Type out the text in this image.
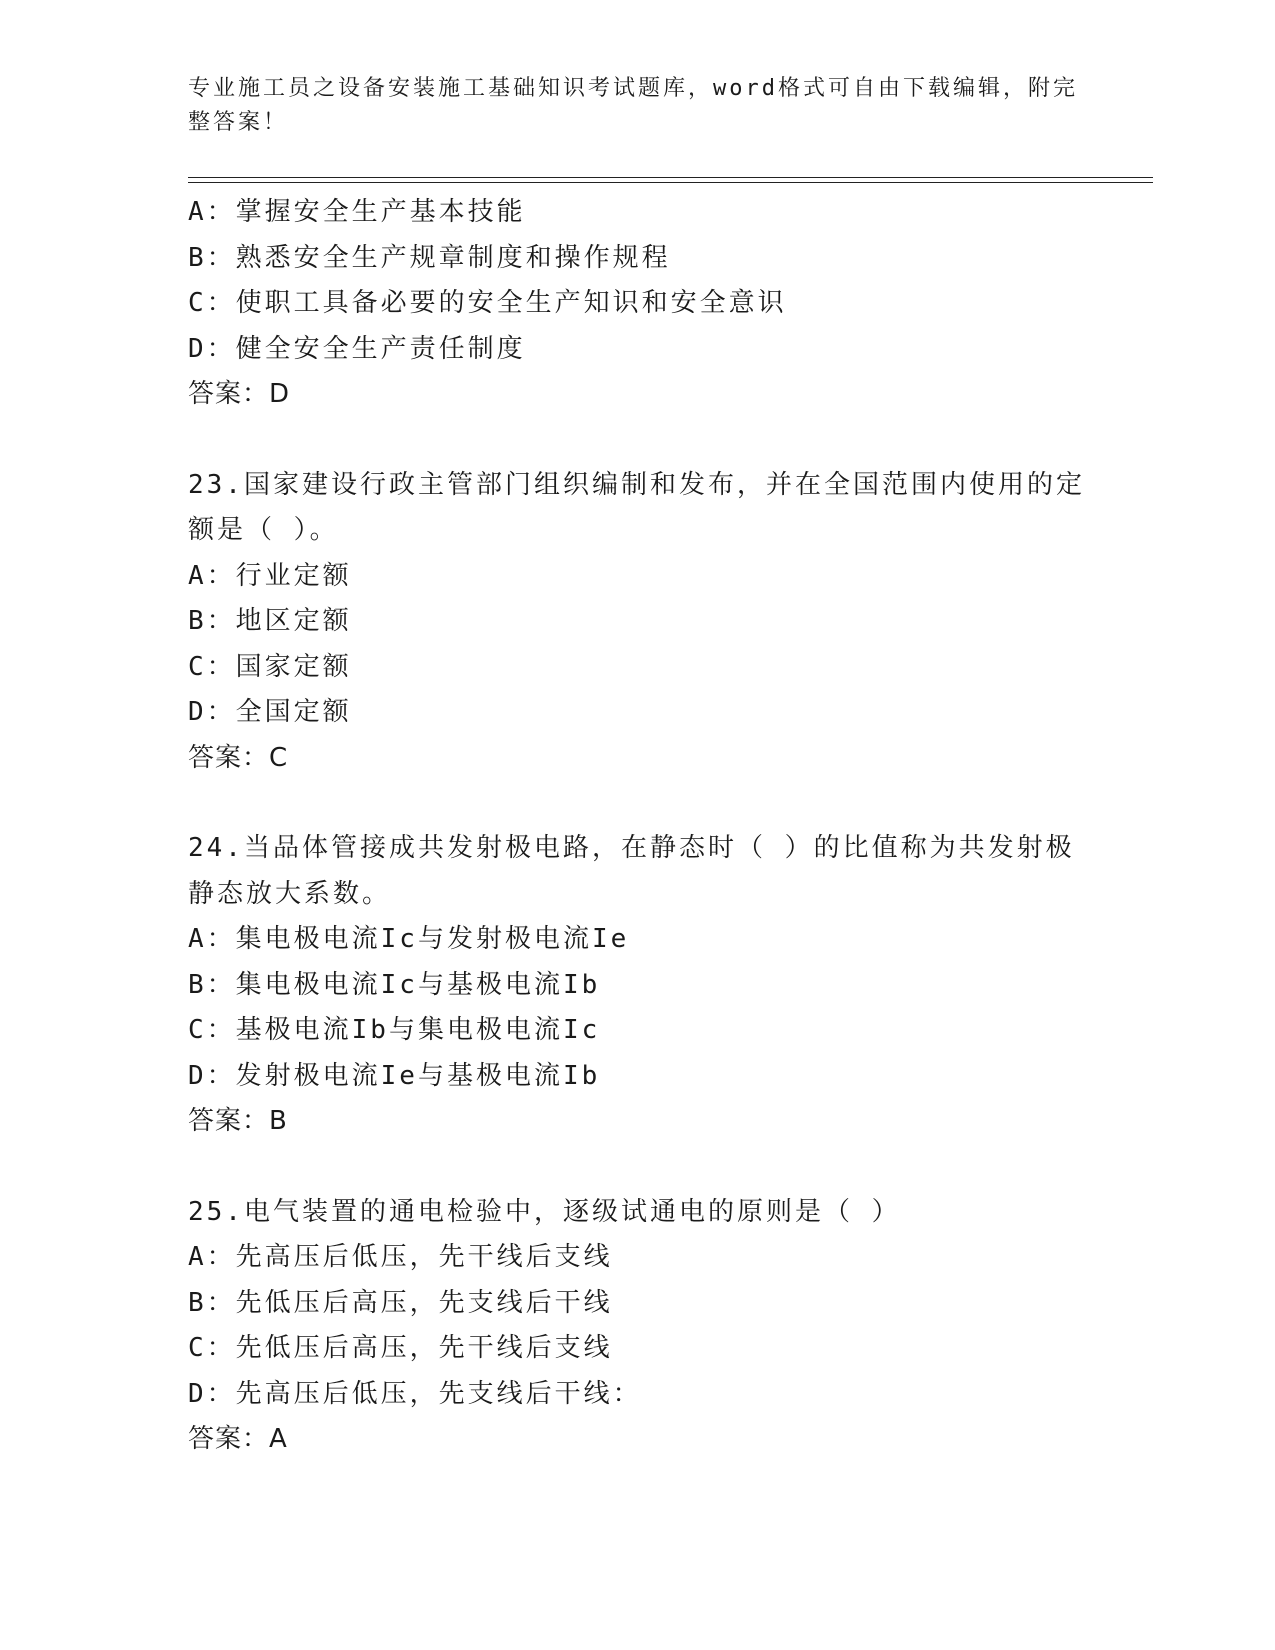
专业施工员之设备安装施工基础知识考试题库，word格式可自由下载编辑，附完整答案！
A：掌握安全生产基本技能
B：熟悉安全生产规章制度和操作规程
C：使职工具备必要的安全生产知识和安全意识
D：健全安全生产责任制度
答案：D
23.国家建设行政主管部门组织编制和发布，并在全国范围内使用的定额是（ ）。
A：行业定额
B：地区定额
C：国家定额
D：全国定额
答案：C
24.当品体管接成共发射极电路，在静态时（ ）的比值称为共发射极静态放大系数。
A：集电极电流Ic与发射极电流Ie
B：集电极电流Ic与基极电流Ib
C：基极电流Ib与集电极电流Ic
D：发射极电流Ie与基极电流Ib
答案：B
25.电气装置的通电检验中，逐级试通电的原则是（ ）
A：先高压后低压，先干线后支线
B：先低压后高压，先支线后干线
C：先低压后高压，先干线后支线
D：先高压后低压，先支线后干线：
答案：A
